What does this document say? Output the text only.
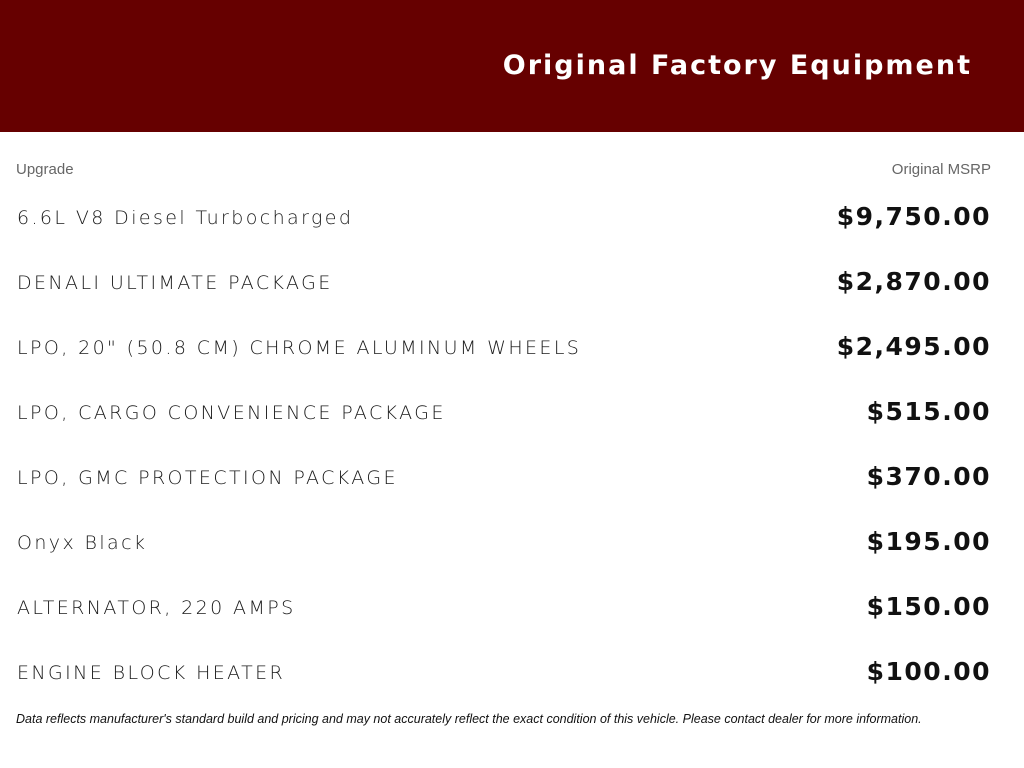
Original Factory Equipment
Upgrade	Original MSRP
6.6L V8 Diesel Turbocharged	$9,750.00
DENALI ULTIMATE PACKAGE	$2,870.00
LPO, 20" (50.8 CM) CHROME ALUMINUM WHEELS	$2,495.00
LPO, CARGO CONVENIENCE PACKAGE	$515.00
LPO, GMC PROTECTION PACKAGE	$370.00
Onyx Black	$195.00
ALTERNATOR, 220 AMPS	$150.00
ENGINE BLOCK HEATER	$100.00
Data reflects manufacturer's standard build and pricing and may not accurately reflect the exact condition of this vehicle. Please contact dealer for more information.
